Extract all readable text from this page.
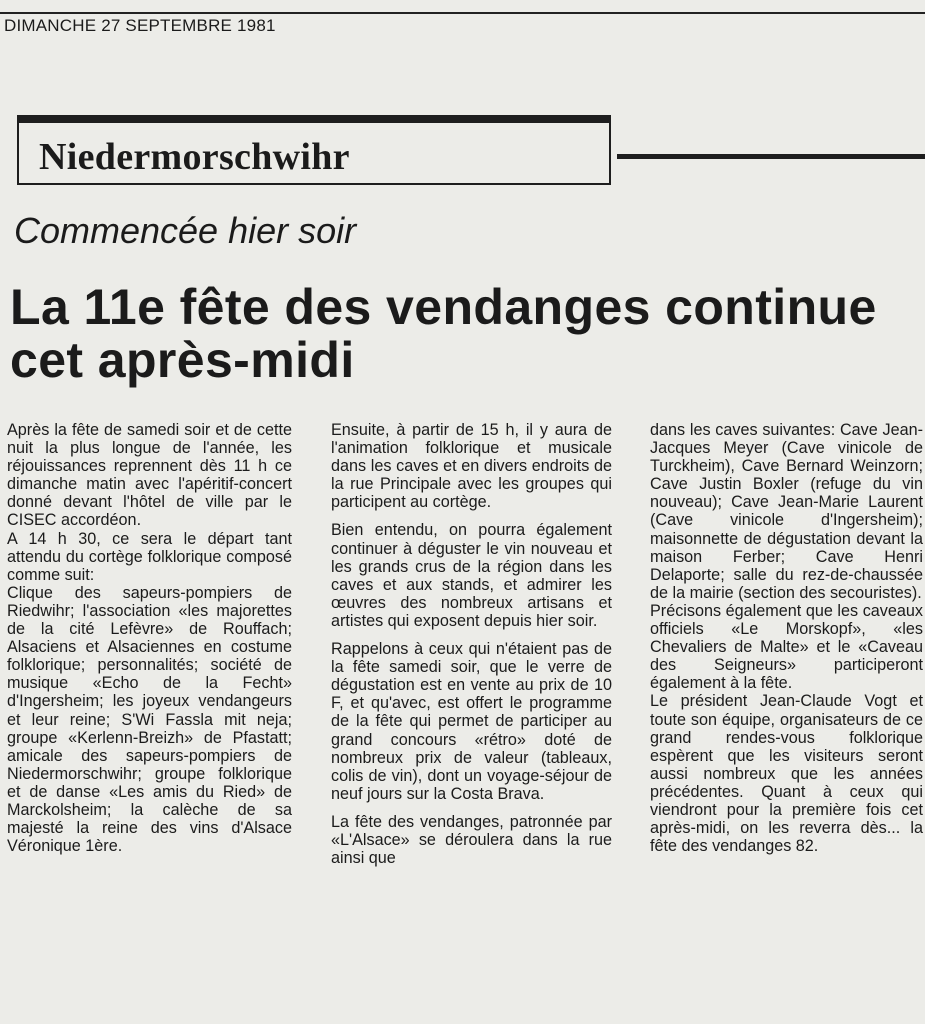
DIMANCHE 27 SEPTEMBRE 1981
Niedermorschwihr
Commencée hier soir
La 11e fête des vendanges continue cet après-midi

Après la fête de samedi soir et de cette nuit la plus longue de l'année, les réjouissances reprennent dès 11 h ce dimanche matin avec l'apéritif-concert donné devant l'hôtel de ville par le CISEC accordéon.
A 14 h 30, ce sera le départ tant attendu du cortège folklorique composé comme suit:
Clique des sapeurs-pompiers de Riedwihr; l'association «les majorettes de la cité Lefèvre» de Rouffach; Alsaciens et Alsaciennes en costume folklorique; personnalités; société de musique «Echo de la Fecht» d'Ingersheim; les joyeux vendangeurs et leur reine; S'Wi Fassla mit neja; groupe «Kerlenn-Breizh» de Pfastatt; amicale des sapeurs-pompiers de Niedermorschwihr; groupe folklorique et de danse «Les amis du Ried» de Marckolsheim; la calèche de sa majesté la reine des vins d'Alsace Véronique 1ère.

Ensuite, à partir de 15 h, il y aura de l'animation folklorique et musicale dans les caves et en divers endroits de la rue Principale avec les groupes qui participent au cortège.

Bien entendu, on pourra également continuer à déguster le vin nouveau et les grands crus de la région dans les caves et aux stands, et admirer les œuvres des nombreux artisans et artistes qui exposent depuis hier soir.

Rappelons à ceux qui n'étaient pas de la fête samedi soir, que le verre de dégustation est en vente au prix de 10 F, et qu'avec, est offert le programme de la fête qui permet de participer au grand concours «rétro» doté de nombreux prix de valeur (tableaux, colis de vin), dont un voyage-séjour de neuf jours sur la Costa Brava.

La fête des vendanges, patronnée par «L'Alsace» se déroulera dans la rue ainsi que

dans les caves suivantes: Cave Jean-Jacques Meyer (Cave vinicole de Turckheim), Cave Bernard Weinzorn; Cave Justin Boxler (refuge du vin nouveau); Cave Jean-Marie Laurent (Cave vinicole d'Ingersheim); maisonnette de dégustation devant la maison Ferber; Cave Henri Delaporte; salle du rez-de-chaussée de la mairie (section des secouristes).
Précisons également que les caveaux officiels «Le Morskopf», «les Chevaliers de Malte» et le «Caveau des Seigneurs» participeront également à la fête.
Le président Jean-Claude Vogt et toute son équipe, organisateurs de ce grand rendes-vous folklorique espèrent que les visiteurs seront aussi nombreux que les années précédentes. Quant à ceux qui viendront pour la première fois cet après-midi, on les reverra dès... la fête des vendanges 82.
